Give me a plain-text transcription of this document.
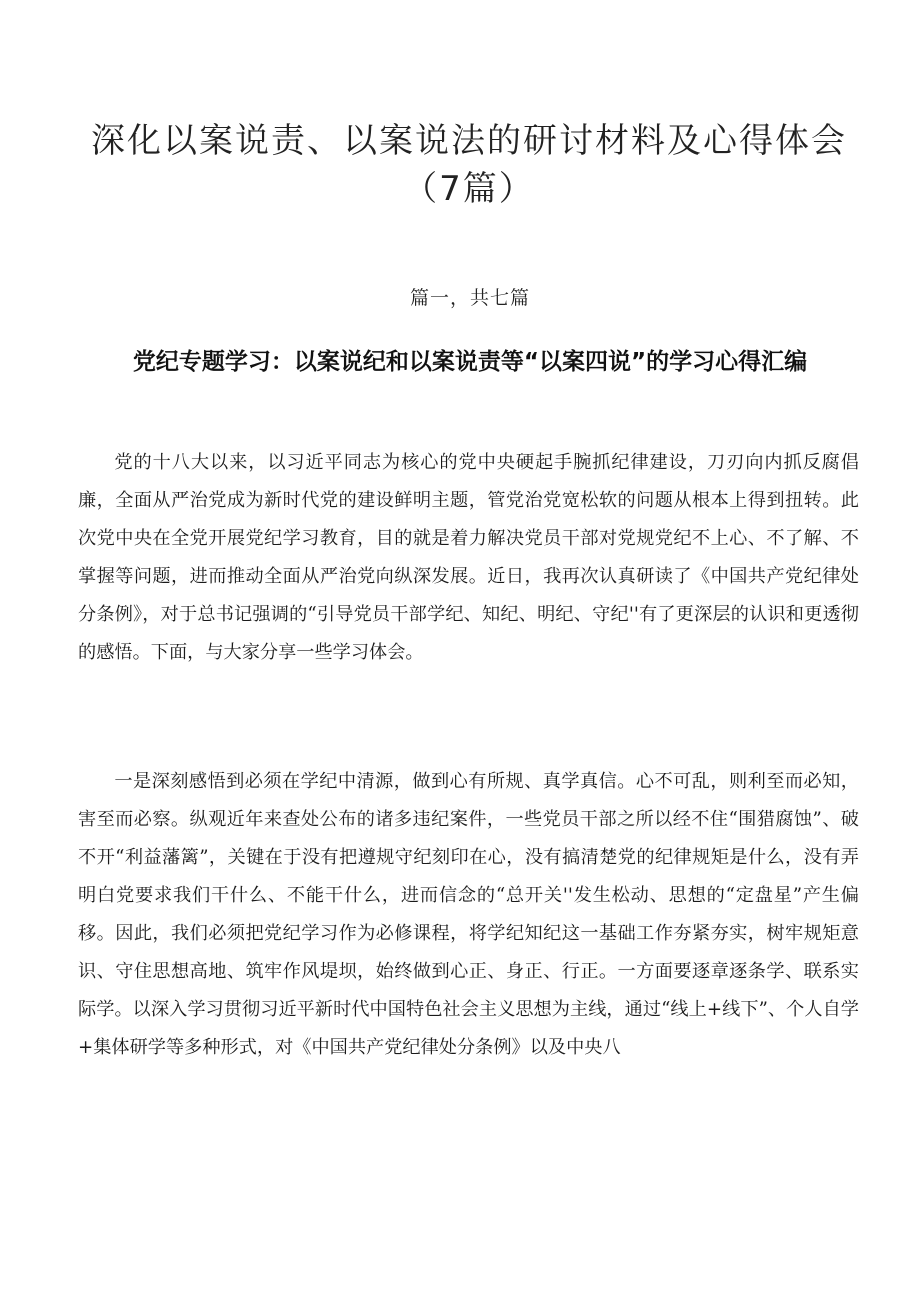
深化以案说责、以案说法的研讨材料及心得体会（7篇）

篇一，共七篇

党纪专题学习：以案说纪和以案说责等“以案四说”的学习心得汇编

党的十八大以来，以习近平同志为核心的党中央硬起手腕抓纪律建设，刀刃向内抓反腐倡廉，全面从严治党成为新时代党的建设鲜明主题，管党治党宽松软的问题从根本上得到扭转。此次党中央在全党开展党纪学习教育，目的就是着力解决党员干部对党规党纪不上心、不了解、不掌握等问题，进而推动全面从严治党向纵深发展。近日，我再次认真研读了《中国共产党纪律处分条例》，对于总书记强调的“引导党员干部学纪、知纪、明纪、守纪''有了更深层的认识和更透彻的感悟。下面，与大家分享一些学习体会。

一是深刻感悟到必须在学纪中清源，做到心有所规、真学真信。心不可乱，则利至而必知，害至而必察。纵观近年来查处公布的诸多违纪案件，一些党员干部之所以经不住“围猎腐蚀”、破不开“利益藩篱”，关键在于没有把遵规守纪刻印在心，没有搞清楚党的纪律规矩是什么，没有弄明白党要求我们干什么、不能干什么，进而信念的“总开关''发生松动、思想的“定盘星”产生偏移。因此，我们必须把党纪学习作为必修课程，将学纪知纪这一基础工作夯紧夯实，树牢规矩意识、守住思想高地、筑牢作风堤坝，始终做到心正、身正、行正。一方面要逐章逐条学、联系实际学。以深入学习贯彻习近平新时代中国特色社会主义思想为主线，通过“线上+线下”、个人自学+集体研学等多种形式，对《中国共产党纪律处分条例》以及中央八
